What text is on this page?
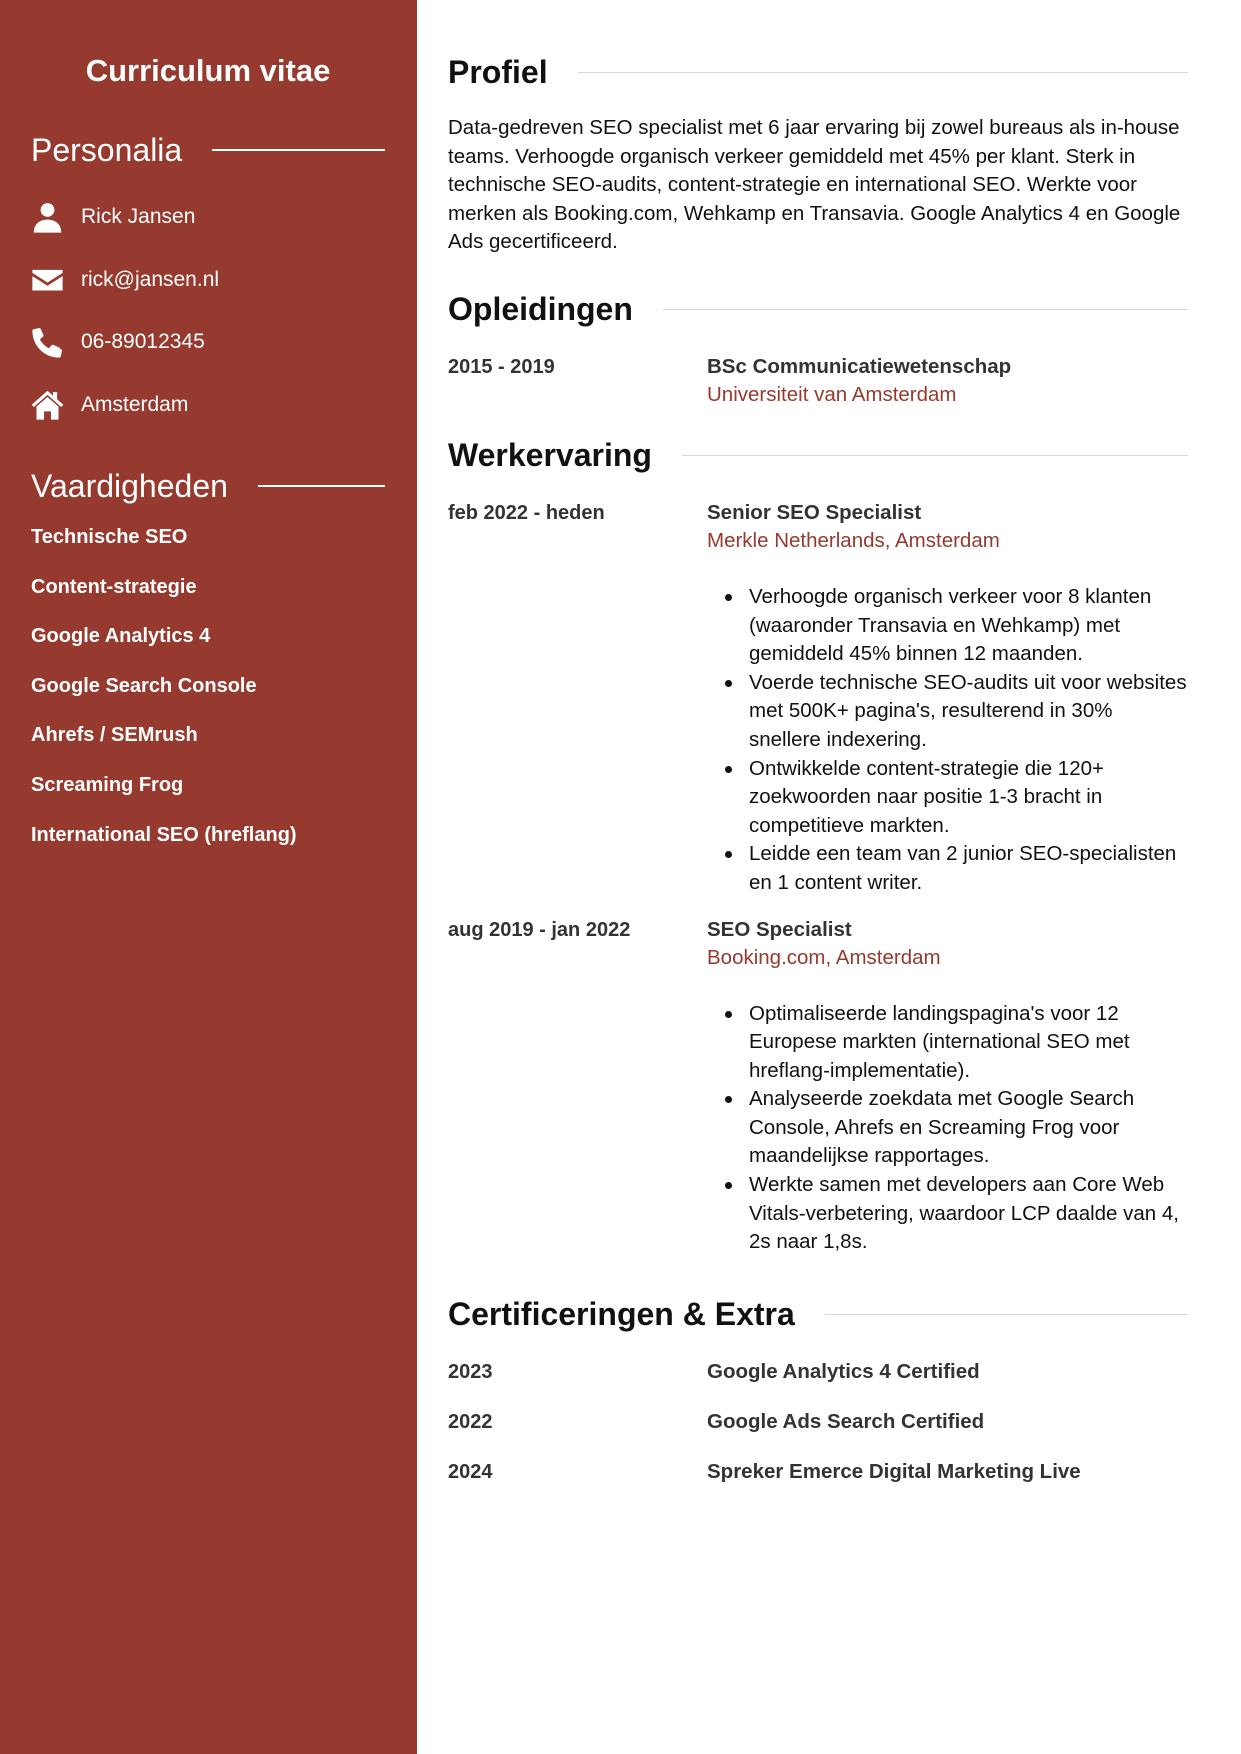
Curriculum vitae
Personalia
Rick Jansen
rick@jansen.nl
06-89012345
Amsterdam
Vaardigheden
Technische SEO
Content-strategie
Google Analytics 4
Google Search Console
Ahrefs / SEMrush
Screaming Frog
International SEO (hreflang)
Profiel

Data-gedreven SEO specialist met 6 jaar ervaring bij zowel bureaus als in-house teams. Verhoogde organisch verkeer gemiddeld met 45% per klant. Sterk in technische SEO-audits, content-strategie en international SEO. Werkte voor merken als Booking.com, Wehkamp en Transavia. Google Analytics 4 en Google Ads gecertificeerd.

Opleidingen
2015 - 2019	BSc Communicatiewetenschap
Universiteit van Amsterdam
Werkervaring
feb 2022 - heden	Senior SEO Specialist
Merkle Netherlands, Amsterdam
Verhoogde organisch verkeer voor 8 klanten (waaronder Transavia en Wehkamp) met gemiddeld 45% binnen 12 maanden.
Voerde technische SEO-audits uit voor websites met 500K+ pagina's, resulterend in 30% snellere indexering.
Ontwikkelde content-strategie die 120+ zoekwoorden naar positie 1-3 bracht in competitieve markten.
Leidde een team van 2 junior SEO-specialisten en 1 content writer.
aug 2019 - jan 2022	SEO Specialist
Booking.com, Amsterdam
Optimaliseerde landingspagina's voor 12 Europese markten (international SEO met hreflang-implementatie).
Analyseerde zoekdata met Google Search Console, Ahrefs en Screaming Frog voor maandelijkse rapportages.
Werkte samen met developers aan Core Web Vitals-verbetering, waardoor LCP daalde van 4, 2s naar 1,8s.
Certificeringen & Extra
2023	Google Analytics 4 Certified
2022	Google Ads Search Certified
2024	Spreker Emerce Digital Marketing Live
